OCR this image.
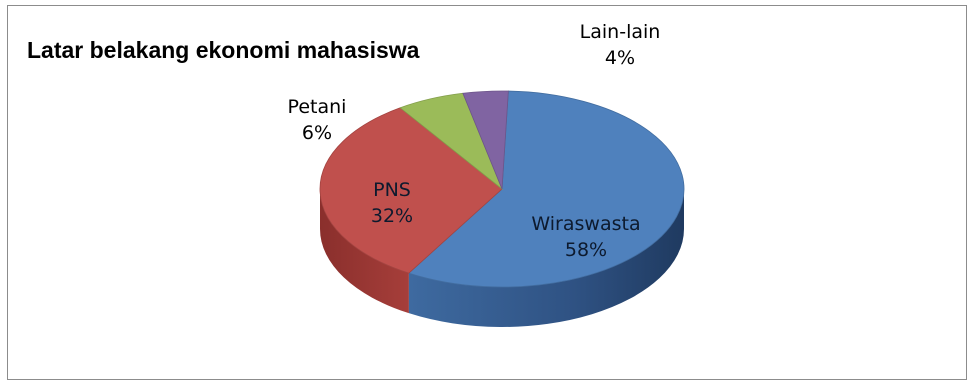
Latar belakang ekonomi mahasiswa
Wiraswasta 58%
PNS 32%
Petani 6%
Lain-lain 4%
